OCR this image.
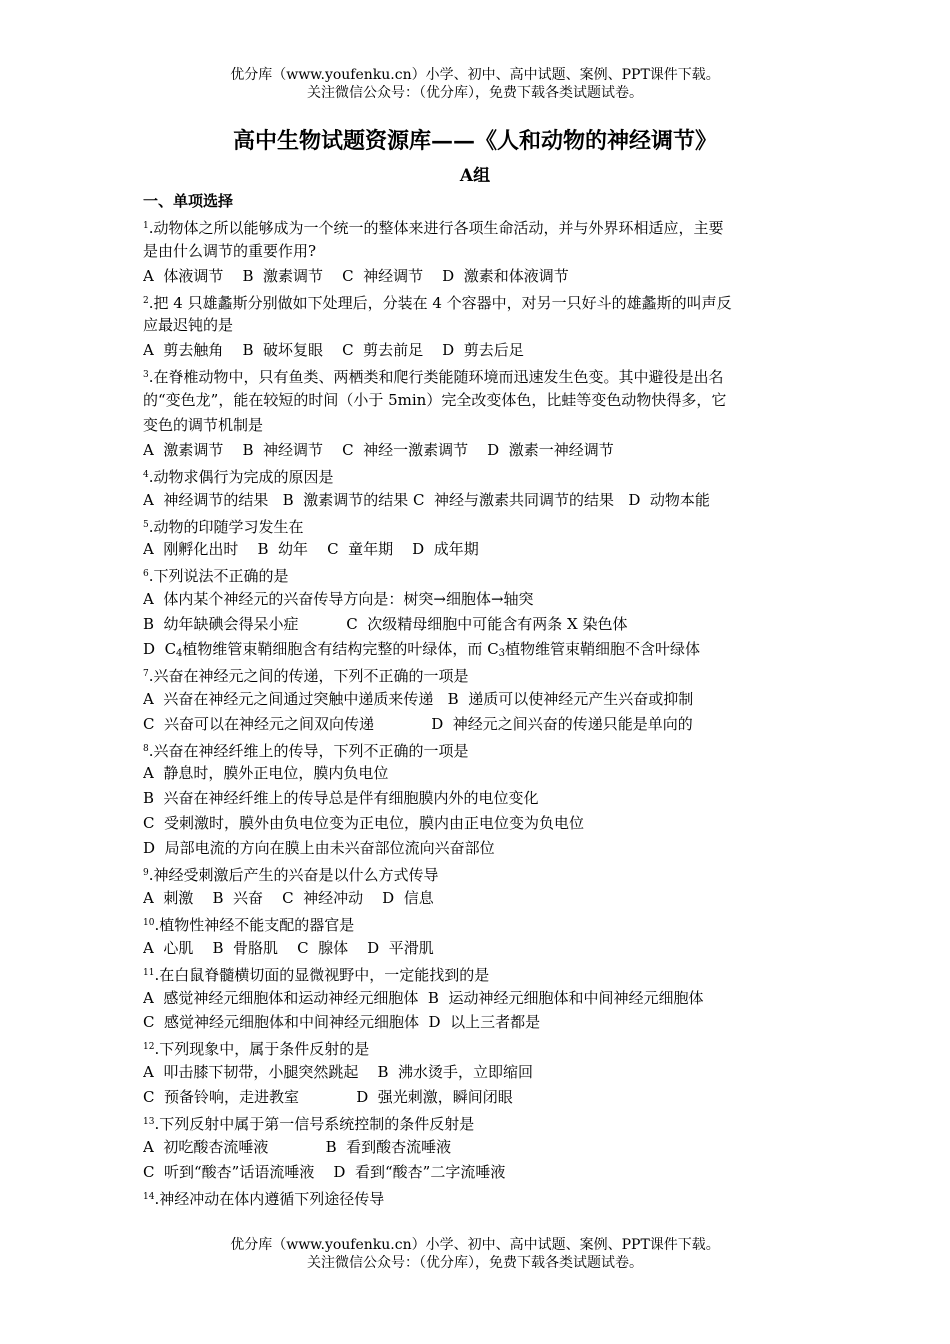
优分库（www.youfenku.cn）小学、初中、高中试题、案例、PPT课件下载。
关注微信公众号：（优分库），免费下载各类试题试卷。
高中生物试题资源库——《人和动物的神经调节》
A组
一、单项选择
$^1$.动物体之所以能够成为一个统一的整体来进行各项生命活动，并与外界环相适应，主要
是由什么调节的重要作用?
A  体液调节    B  激素调节    C  神经调节    D  激素和体液调节
$^2$.把 4 只雄蠡斯分别做如下处理后，分装在 4 个容器中，对另一只好斗的雄蠡斯的叫声反
应最迟钝的是
A  剪去触角    B  破坏复眼    C  剪去前足    D  剪去后足
$^3$.在脊椎动物中，只有鱼类、两栖类和爬行类能随环境而迅速发生色变。其中避役是出名
的“变色龙”，能在较短的时间（小于 5min）完全改变体色，比蛙等变色动物快得多，它
变色的调节机制是
A  激素调节    B  神经调节    C  神经一激素调节    D  激素一神经调节
$^4$.动物求偶行为完成的原因是
A  神经调节的结果   B  激素调节的结果 C  神经与激素共同调节的结果   D  动物本能
$^5$.动物的印随学习发生在
A  刚孵化出时    B  幼年    C  童年期    D  成年期
$^6$.下列说法不正确的是
A  体内某个神经元的兴奋传导方向是：树突→细胞体→轴突
B  幼年缺碘会得呆小症          C  次级精母细胞中可能含有两条 X 染色体
D  $C_4$植物维管束鞘细胞含有结构完整的叶绿体，而 $C_3$植物维管束鞘细胞不含叶绿体
$^7$.兴奋在神经元之间的传递，下列不正确的一项是
A  兴奋在神经元之间通过突触中递质来传递   B  递质可以使神经元产生兴奋或抑制
C  兴奋可以在神经元之间双向传递            D  神经元之间兴奋的传递只能是单向的
$^8$.兴奋在神经纤维上的传导，下列不正确的一项是
A  静息时，膜外正电位，膜内负电位
B  兴奋在神经纤维上的传导总是伴有细胞膜内外的电位变化
C  受刺激时，膜外由负电位变为正电位，膜内由正电位变为负电位
D  局部电流的方向在膜上由未兴奋部位流向兴奋部位
$^9$.神经受刺激后产生的兴奋是以什么方式传导
A  刺激    B  兴奋    C  神经冲动    D  信息
$^{10}$.植物性神经不能支配的器官是
A  心肌    B  骨胳肌    C  腺体    D  平滑肌
$^{11}$.在白鼠脊髓横切面的显微视野中，一定能找到的是
A  感觉神经元细胞体和运动神经元细胞体  B  运动神经元细胞体和中间神经元细胞体
C  感觉神经元细胞体和中间神经元细胞体  D  以上三者都是
$^{12}$.下列现象中，属于条件反射的是
A  叩击膝下韧带，小腿突然跳起    B  沸水烫手，立即缩回
C  预备铃响，走进教室            D  强光刺激，瞬间闭眼
$^{13}$.下列反射中属于第一信号系统控制的条件反射是
A  初吃酸杏流唾液            B  看到酸杏流唾液
C  听到“酸杏”话语流唾液    D  看到“酸杏”二字流唾液
$^{14}$.神经冲动在体内遵循下列途径传导
优分库（www.youfenku.cn）小学、初中、高中试题、案例、PPT课件下载。
关注微信公众号：（优分库），免费下载各类试题试卷。
